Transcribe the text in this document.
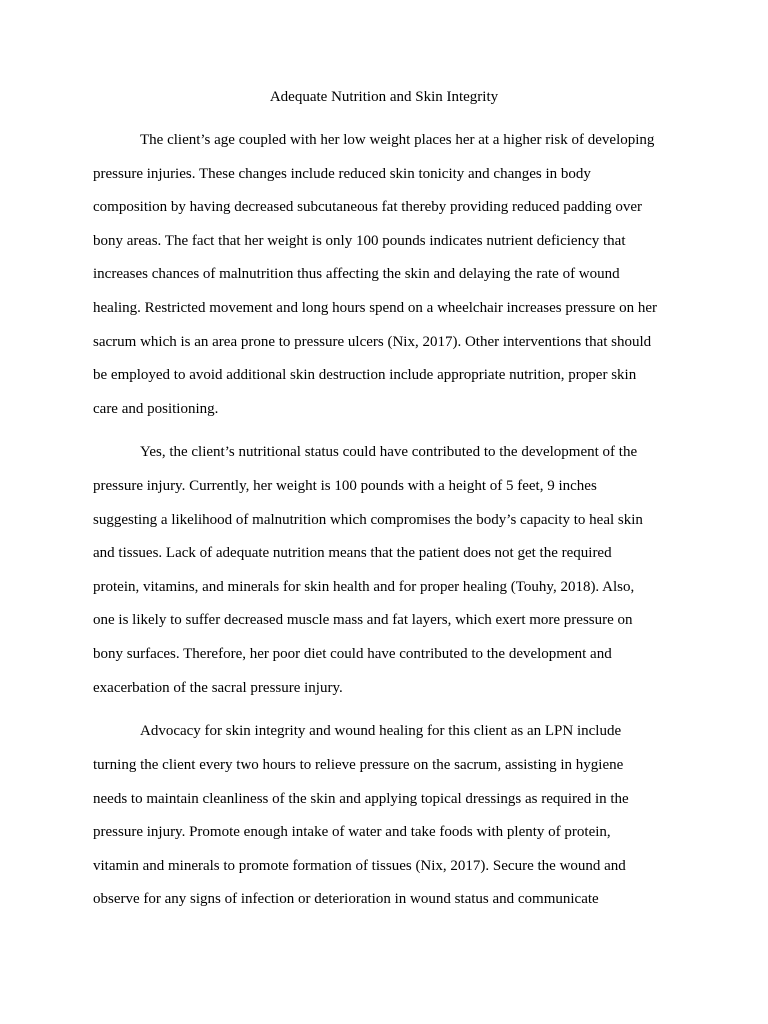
Adequate Nutrition and Skin Integrity
The client’s age coupled with her low weight places her at a higher risk of developing
pressure injuries. These changes include reduced skin tonicity and changes in body
composition by having decreased subcutaneous fat thereby providing reduced padding over
bony areas. The fact that her weight is only 100 pounds indicates nutrient deficiency that
increases chances of malnutrition thus affecting the skin and delaying the rate of wound
healing. Restricted movement and long hours spend on a wheelchair increases pressure on her
sacrum which is an area prone to pressure ulcers (Nix, 2017). Other interventions that should
be employed to avoid additional skin destruction include appropriate nutrition, proper skin
care and positioning.
Yes, the client’s nutritional status could have contributed to the development of the
pressure injury. Currently, her weight is 100 pounds with a height of 5 feet, 9 inches
suggesting a likelihood of malnutrition which compromises the body’s capacity to heal skin
and tissues. Lack of adequate nutrition means that the patient does not get the required
protein, vitamins, and minerals for skin health and for proper healing (Touhy, 2018). Also,
one is likely to suffer decreased muscle mass and fat layers, which exert more pressure on
bony surfaces. Therefore, her poor diet could have contributed to the development and
exacerbation of the sacral pressure injury.
Advocacy for skin integrity and wound healing for this client as an LPN include
turning the client every two hours to relieve pressure on the sacrum, assisting in hygiene
needs to maintain cleanliness of the skin and applying topical dressings as required in the
pressure injury. Promote enough intake of water and take foods with plenty of protein,
vitamin and minerals to promote formation of tissues (Nix, 2017). Secure the wound and
observe for any signs of infection or deterioration in wound status and communicate
